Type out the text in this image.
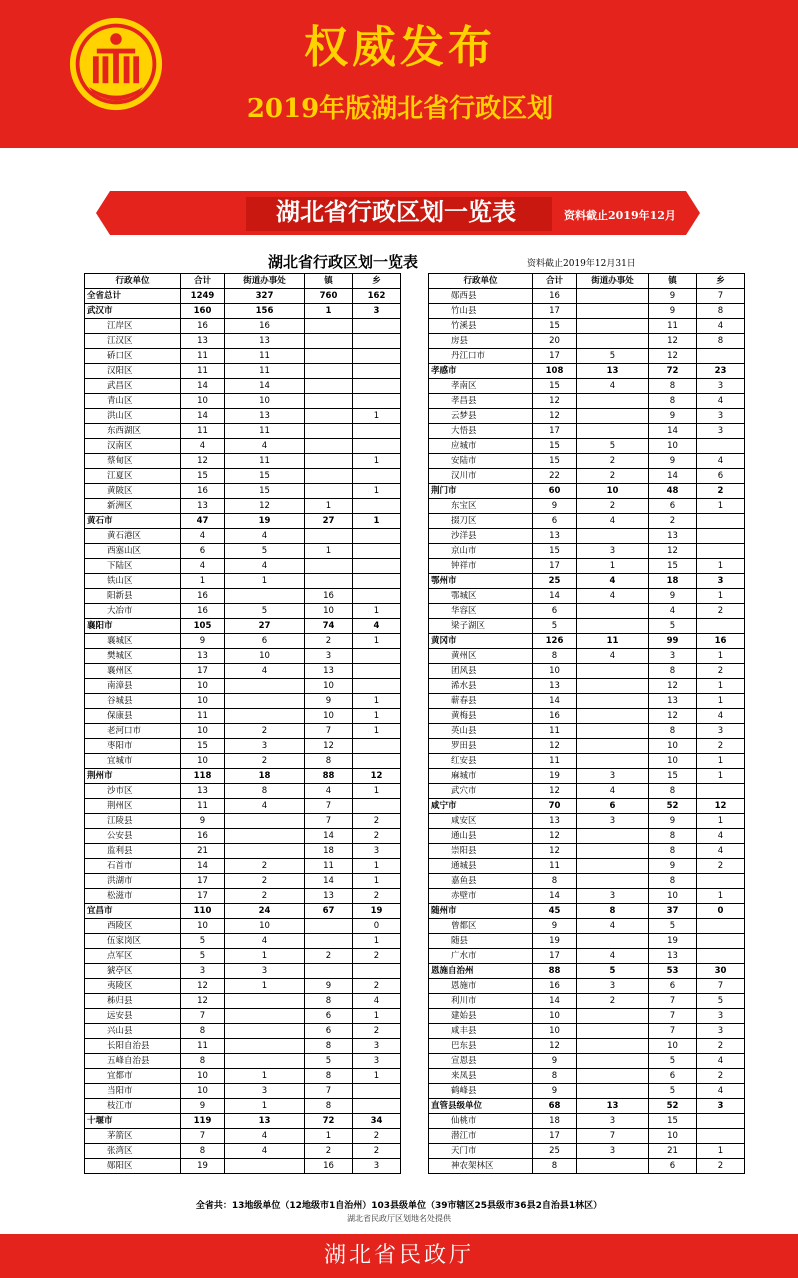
权威发布
2019年版湖北省行政区划
湖北省行政区划一览表	资料截止2019年12月
湖北省行政区划一览表	资料截止2019年12月31日
行政单位	合计	街道办事处	镇	乡
全省总计	1249	327	760	162
武汉市	160	156	1	3
江岸区	16	16		
江汉区	13	13		
硚口区	11	11		
汉阳区	11	11		
武昌区	14	14		
青山区	10	10		
洪山区	14	13		1
东西湖区	11	11		
汉南区	4	4		
蔡甸区	12	11		1
江夏区	15	15		
黄陂区	16	15		1
新洲区	13	12	1	
黄石市	47	19	27	1
黄石港区	4	4		
西塞山区	6	5	1	
下陆区	4	4		
铁山区	1	1		
阳新县	16		16	
大冶市	16	5	10	1
襄阳市	105	27	74	4
襄城区	9	6	2	1
樊城区	13	10	3	
襄州区	17	4	13	
南漳县	10		10	
谷城县	10		9	1
保康县	11		10	1
老河口市	10	2	7	1
枣阳市	15	3	12	
宜城市	10	2	8	
荆州市	118	18	88	12
沙市区	13	8	4	1
荆州区	11	4	7	
江陵县	9		7	2
公安县	16		14	2
监利县	21		18	3
石首市	14	2	11	1
洪湖市	17	2	14	1
松滋市	17	2	13	2
宜昌市	110	24	67	19
西陵区	10	10		0
伍家岗区	5	4		1
点军区	5	1	2	2
猇亭区	3	3		
夷陵区	12	1	9	2
秭归县	12		8	4
远安县	7		6	1
兴山县	8		6	2
长阳自治县	11		8	3
五峰自治县	8		5	3
宜都市	10	1	8	1
当阳市	10	3	7	
枝江市	9	1	8	
十堰市	119	13	72	34
茅箭区	7	4	1	2
张湾区	8	4	2	2
郧阳区	19		16	3
行政单位	合计	街道办事处	镇	乡
郧西县	16		9	7
竹山县	17		9	8
竹溪县	15		11	4
房县	20		12	8
丹江口市	17	5	12	
孝感市	108	13	72	23
孝南区	15	4	8	3
孝昌县	12		8	4
云梦县	12		9	3
大悟县	17		14	3
应城市	15	5	10	
安陆市	15	2	9	4
汉川市	22	2	14	6
荆门市	60	10	48	2
东宝区	9	2	6	1
掇刀区	6	4	2	
沙洋县	13		13	
京山市	15	3	12	
钟祥市	17	1	15	1
鄂州市	25	4	18	3
鄂城区	14	4	9	1
华容区	6		4	2
梁子湖区	5		5	
黄冈市	126	11	99	16
黄州区	8	4	3	1
团风县	10		8	2
浠水县	13		12	1
蕲春县	14		13	1
黄梅县	16		12	4
英山县	11		8	3
罗田县	12		10	2
红安县	11		10	1
麻城市	19	3	15	1
武穴市	12	4	8	
咸宁市	70	6	52	12
咸安区	13	3	9	1
通山县	12		8	4
崇阳县	12		8	4
通城县	11		9	2
嘉鱼县	8		8	
赤壁市	14	3	10	1
随州市	45	8	37	0
曾都区	9	4	5	
随县	19		19	
广水市	17	4	13	
恩施自治州	88	5	53	30
恩施市	16	3	6	7
利川市	14	2	7	5
建始县	10		7	3
咸丰县	10		7	3
巴东县	12		10	2
宣恩县	9		5	4
来凤县	8		6	2
鹤峰县	9		5	4
直管县级单位	68	13	52	3
仙桃市	18	3	15	
潜江市	17	7	10	
天门市	25	3	21	1
神农架林区	8		6	2
全省共：13地级单位（12地级市1自治州）103县级单位（39市辖区25县级市36县2自治县1林区）
湖北省民政厅区划地名处提供
湖北省民政厅
